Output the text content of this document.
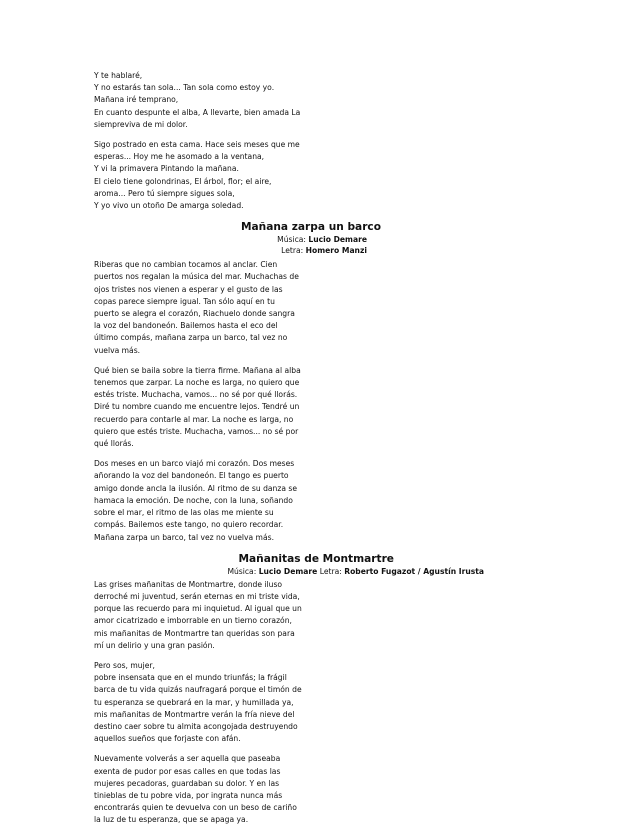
Y te hablaré,
Y no estarás tan sola... Tan sola como estoy yo.
Mañana iré temprano,
En cuanto despunte el alba, A llevarte, bien amada La
siempreviva de mi dolor.
Sigo postrado en esta cama. Hace seis meses que me
esperas... Hoy me he asomado a la ventana,
Y vi la primavera Pintando la mañana.
El cielo tiene golondrinas, El árbol, flor; el aire,
aroma... Pero tú siempre sigues sola,
Y yo vivo un otoño De amarga soledad.
Mañana zarpa un barco
Música: Lucio Demare
Letra: Homero Manzi
Riberas que no cambian tocamos al anclar. Cien
puertos nos regalan la música del mar. Muchachas de
ojos tristes nos vienen a esperar y el gusto de las
copas parece siempre igual. Tan sólo aquí en tu
puerto se alegra el corazón, Riachuelo donde sangra
la voz del bandoneón. Bailemos hasta el eco del
último compás, mañana zarpa un barco, tal vez no
vuelva más.
Qué bien se baila sobre la tierra firme. Mañana al alba
tenemos que zarpar. La noche es larga, no quiero que
estés triste. Muchacha, vamos... no sé por qué llorás.
Diré tu nombre cuando me encuentre lejos. Tendré un
recuerdo para contarle al mar. La noche es larga, no
quiero que estés triste. Muchacha, vamos... no sé por
qué llorás.
Dos meses en un barco viajó mi corazón. Dos meses
añorando la voz del bandoneón. El tango es puerto
amigo donde ancla la ilusión. Al ritmo de su danza se
hamaca la emoción. De noche, con la luna, soñando
sobre el mar, el ritmo de las olas me miente su
compás. Bailemos este tango, no quiero recordar.
Mañana zarpa un barco, tal vez no vuelva más.
Mañanitas de Montmartre
Música: Lucio Demare Letra: Roberto Fugazot / Agustín Irusta
Las grises mañanitas de Montmartre, donde iluso
derroché mi juventud, serán eternas en mi triste vida,
porque las recuerdo para mi inquietud. Al igual que un
amor cicatrizado e imborrable en un tierno corazón,
mis mañanitas de Montmartre tan queridas son para
mí un delirio y una gran pasión.
Pero sos, mujer,
pobre insensata que en el mundo triunfás; la frágil
barca de tu vida quizás naufragará porque el timón de
tu esperanza se quebrará en la mar, y humillada ya,
mis mañanitas de Montmartre verán la fría nieve del
destino caer sobre tu almita acongojada destruyendo
aquellos sueños que forjaste con afán.
Nuevamente volverás a ser aquella que paseaba
exenta de pudor por esas calles en que todas las
mujeres pecadoras, guardaban su dolor. Y en las
tinieblas de tu pobre vida, por ingrata nunca más
encontrarás quien te devuelva con un beso de cariño
la luz de tu esperanza, que se apaga ya.
